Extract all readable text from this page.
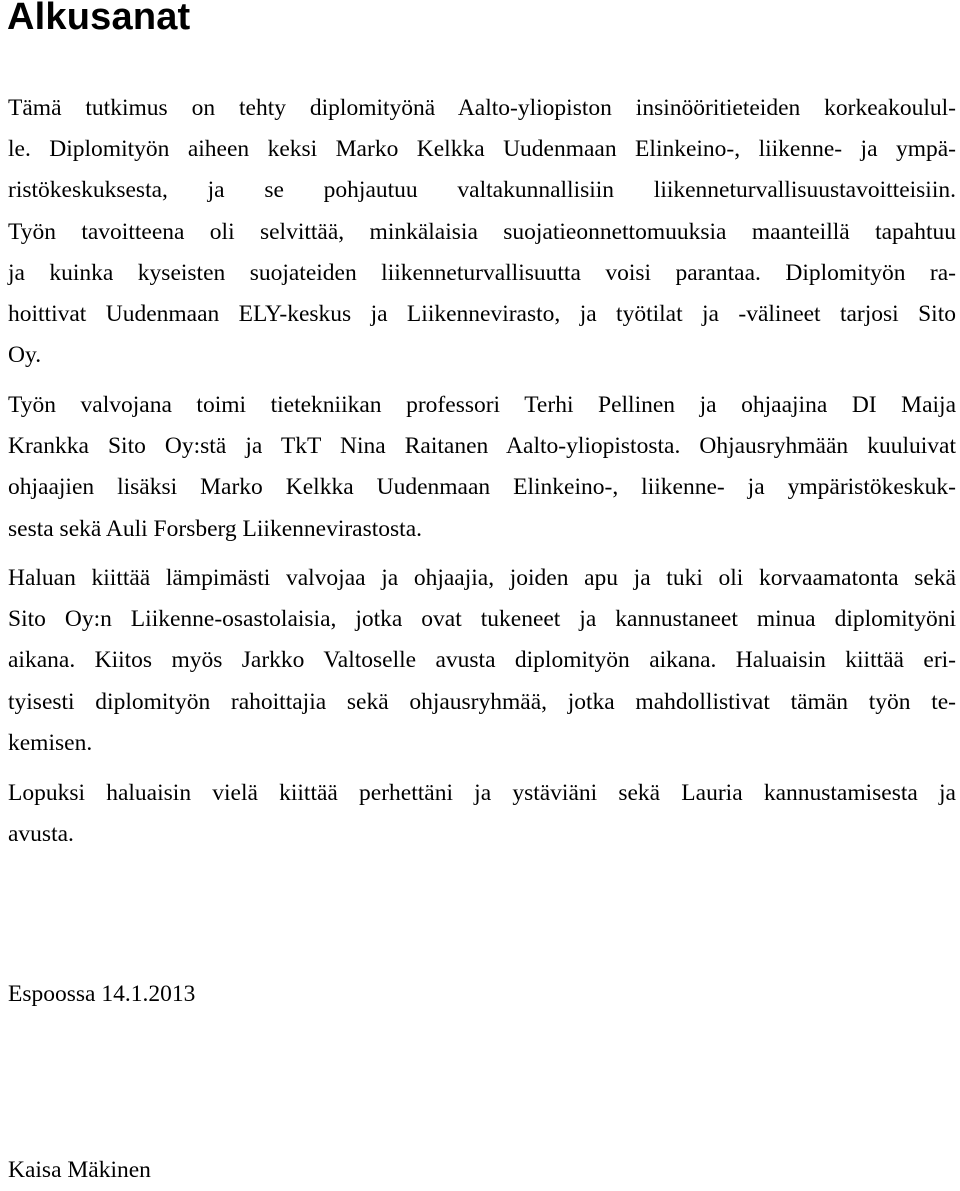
Alkusanat
Tämä tutkimus on tehty diplomityönä Aalto-yliopiston insinööritieteiden korkeakoulul-
le. Diplomityön aiheen keksi Marko Kelkka Uudenmaan Elinkeino-, liikenne- ja ympä-
ristökeskuksesta, ja se pohjautuu valtakunnallisiin liikenneturvallisuustavoitteisiin.
Työn tavoitteena oli selvittää, minkälaisia suojatieonnettomuuksia maanteillä tapahtuu
ja kuinka kyseisten suojateiden liikenneturvallisuutta voisi parantaa. Diplomityön ra-
hoittivat Uudenmaan ELY-keskus ja Liikennevirasto, ja työtilat ja -välineet tarjosi Sito
Oy.
Työn valvojana toimi tietekniikan professori Terhi Pellinen ja ohjaajina DI Maija
Krankka Sito Oy:stä ja TkT Nina Raitanen Aalto-yliopistosta. Ohjausryhmään kuuluivat
ohjaajien lisäksi Marko Kelkka Uudenmaan Elinkeino-, liikenne- ja ympäristökeskuk-
sesta sekä Auli Forsberg Liikennevirastosta.
Haluan kiittää lämpimästi valvojaa ja ohjaajia, joiden apu ja tuki oli korvaamatonta sekä
Sito Oy:n Liikenne-osastolaisia, jotka ovat tukeneet ja kannustaneet minua diplomityöni
aikana. Kiitos myös Jarkko Valtoselle avusta diplomityön aikana. Haluaisin kiittää eri-
tyisesti diplomityön rahoittajia sekä ohjausryhmää, jotka mahdollistivat tämän työn te-
kemisen.
Lopuksi haluaisin vielä kiittää perhettäni ja ystäviäni sekä Lauria kannustamisesta ja
avusta.
Espoossa 14.1.2013
Kaisa Mäkinen
